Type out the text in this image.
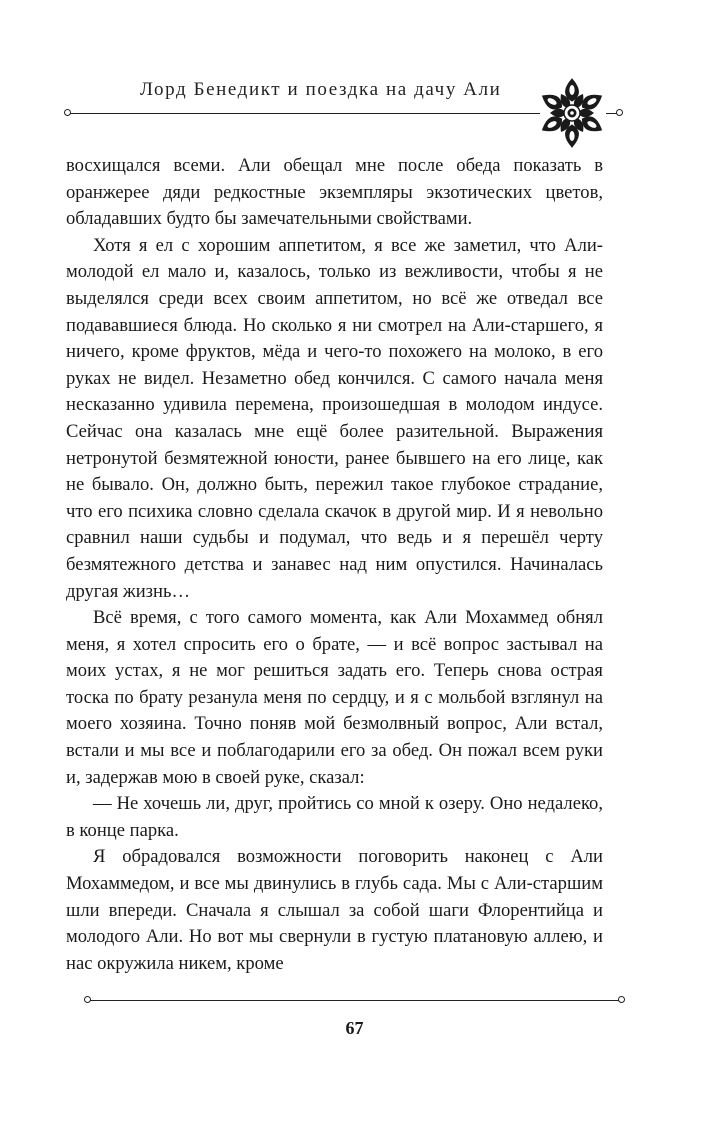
Лорд Бенедикт и поездка на дачу Али

восхищался всеми. Али обещал мне после обеда показать в оранжерее дяди редкостные экземпляры экзотических цветов, обладавших будто бы замечательными свойствами.

Хотя я ел с хорошим аппетитом, я все же заметил, что Али-молодой ел мало и, казалось, только из вежливости, чтобы я не выделялся среди всех своим аппетитом, но всё же отведал все подававшиеся блюда. Но сколько я ни смотрел на Али-старшего, я ничего, кроме фруктов, мёда и чего-то похожего на молоко, в его руках не видел. Незаметно обед кончился. С самого начала меня несказанно удивила перемена, произошедшая в молодом индусе. Сейчас она казалась мне ещё более разительной. Выражения нетронутой безмятежной юности, ранее бывшего на его лице, как не бывало. Он, должно быть, пережил такое глубокое страдание, что его психика словно сделала скачок в другой мир. И я невольно сравнил наши судьбы и подумал, что ведь и я перешёл черту безмятежного детства и занавес над ним опустился. Начиналась другая жизнь…

Всё время, с того самого момента, как Али Мохаммед обнял меня, я хотел спросить его о брате, — и всё вопрос застывал на моих устах, я не мог решиться задать его. Теперь снова острая тоска по брату резанула меня по сердцу, и я с мольбой взглянул на моего хозяина. Точно поняв мой безмолвный вопрос, Али встал, встали и мы все и поблагодарили его за обед. Он пожал всем руки и, задержав мою в своей руке, сказал:

— Не хочешь ли, друг, пройтись со мной к озеру. Оно недалеко, в конце парка.

Я обрадовался возможности поговорить наконец с Али Мохаммедом, и все мы двинулись в глубь сада. Мы с Али-старшим шли впереди. Сначала я слышал за собой шаги Флорентийца и молодого Али. Но вот мы свернули в густую платановую аллею, и нас окружила никем, кроме

67
